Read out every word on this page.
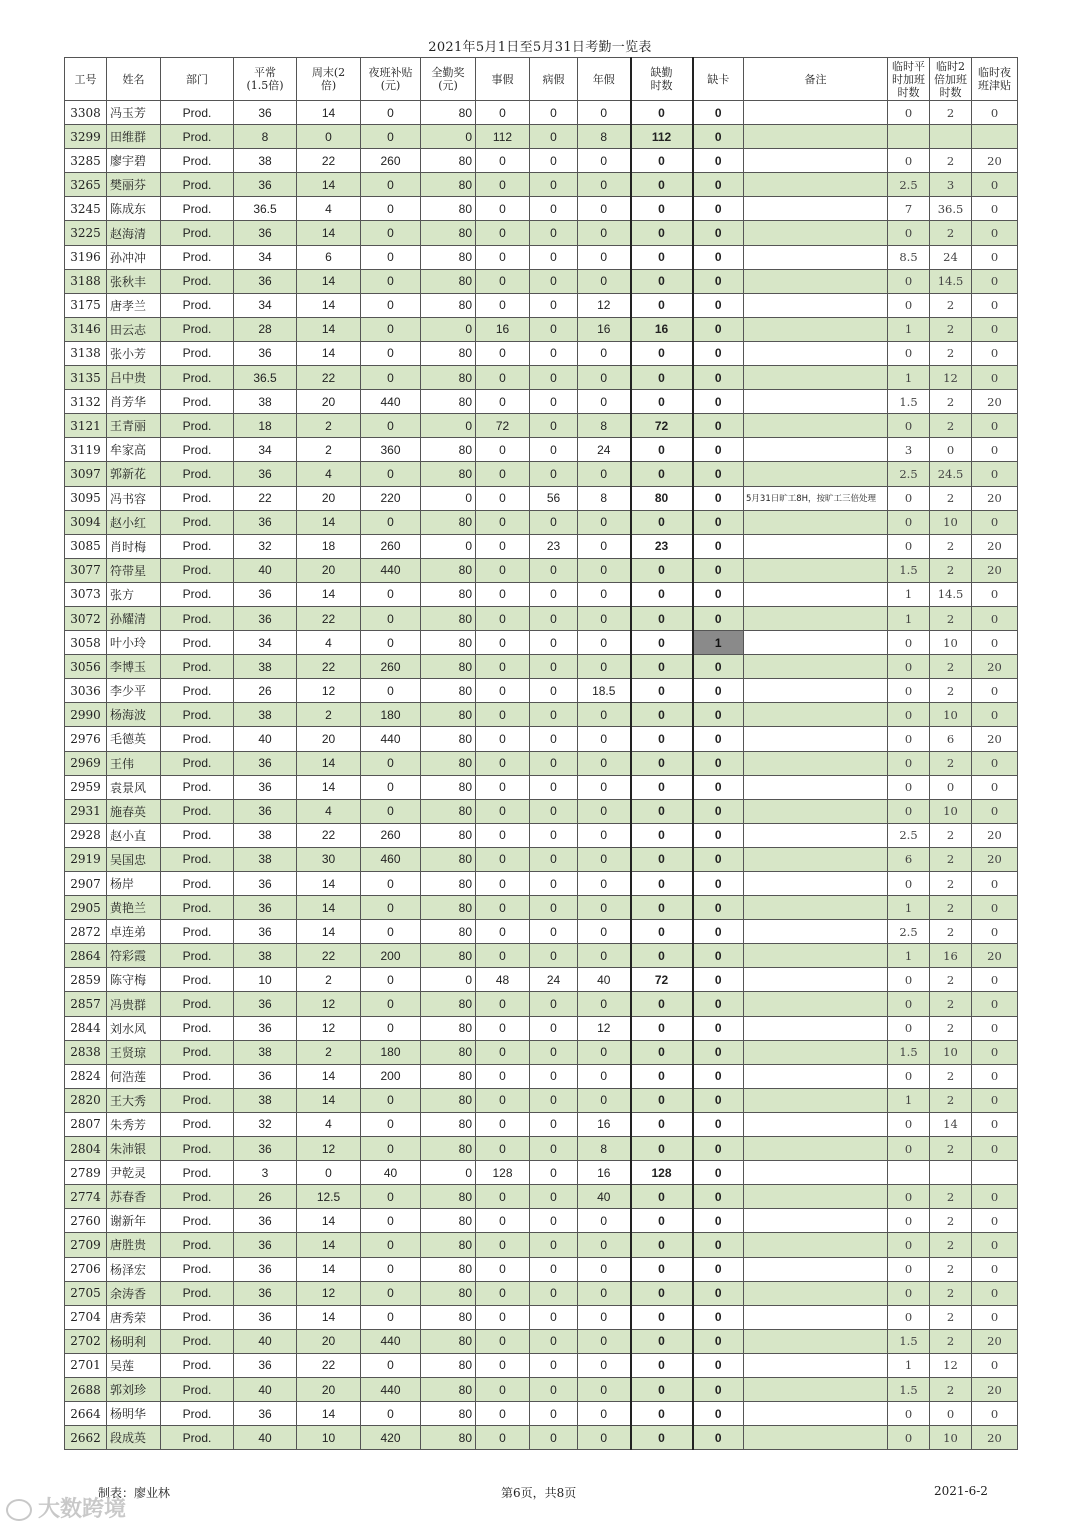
2021年5月1日至5月31日考勤一览表
工号	姓名	部门	平常
(1.5倍)	周末(2
倍)	夜班补贴
(元)	全勤奖
(元)	事假	病假	年假	缺勤
时数	缺卡	备注	临时平
时加班
时数	临时2
倍加班
时数	临时夜
班津贴
3308	冯玉芳	Prod.	36	14	0	80	0	0	0	0	0		0	2	0
3299	田维群	Prod.	8	0	0	0	112	0	8	112	0				
3285	廖宇碧	Prod.	38	22	260	80	0	0	0	0	0		0	2	20
3265	樊丽芬	Prod.	36	14	0	80	0	0	0	0	0		2.5	3	0
3245	陈成东	Prod.	36.5	4	0	80	0	0	0	0	0		7	36.5	0
3225	赵海清	Prod.	36	14	0	80	0	0	0	0	0		0	2	0
3196	孙冲冲	Prod.	34	6	0	80	0	0	0	0	0		8.5	24	0
3188	张秋丰	Prod.	36	14	0	80	0	0	0	0	0		0	14.5	0
3175	唐孝兰	Prod.	34	14	0	80	0	0	12	0	0		0	2	0
3146	田云志	Prod.	28	14	0	0	16	0	16	16	0		1	2	0
3138	张小芳	Prod.	36	14	0	80	0	0	0	0	0		0	2	0
3135	吕中贵	Prod.	36.5	22	0	80	0	0	0	0	0		1	12	0
3132	肖芳华	Prod.	38	20	440	80	0	0	0	0	0		1.5	2	20
3121	王青丽	Prod.	18	2	0	0	72	0	8	72	0		0	2	0
3119	牟家高	Prod.	34	2	360	80	0	0	24	0	0		3	0	0
3097	郭新花	Prod.	36	4	0	80	0	0	0	0	0		2.5	24.5	0
3095	冯书容	Prod.	22	20	220	0	0	56	8	80	0	5月31日旷工8H，按旷工三倍处理	0	2	20
3094	赵小红	Prod.	36	14	0	80	0	0	0	0	0		0	10	0
3085	肖时梅	Prod.	32	18	260	0	0	23	0	23	0		0	2	20
3077	符带星	Prod.	40	20	440	80	0	0	0	0	0		1.5	2	20
3073	张方	Prod.	36	14	0	80	0	0	0	0	0		1	14.5	0
3072	孙耀清	Prod.	36	22	0	80	0	0	0	0	0		1	2	0
3058	叶小玲	Prod.	34	4	0	80	0	0	0	0	1		0	10	0
3056	李博玉	Prod.	38	22	260	80	0	0	0	0	0		0	2	20
3036	李少平	Prod.	26	12	0	80	0	0	18.5	0	0		0	2	0
2990	杨海波	Prod.	38	2	180	80	0	0	0	0	0		0	10	0
2976	毛德英	Prod.	40	20	440	80	0	0	0	0	0		0	6	20
2969	王伟	Prod.	36	14	0	80	0	0	0	0	0		0	2	0
2959	袁景风	Prod.	36	14	0	80	0	0	0	0	0		0	0	0
2931	施春英	Prod.	36	4	0	80	0	0	0	0	0		0	10	0
2928	赵小直	Prod.	38	22	260	80	0	0	0	0	0		2.5	2	20
2919	吴国忠	Prod.	38	30	460	80	0	0	0	0	0		6	2	20
2907	杨岸	Prod.	36	14	0	80	0	0	0	0	0		0	2	0
2905	黄艳兰	Prod.	36	14	0	80	0	0	0	0	0		1	2	0
2872	卓连弟	Prod.	36	14	0	80	0	0	0	0	0		2.5	2	0
2864	符彩霞	Prod.	38	22	200	80	0	0	0	0	0		1	16	20
2859	陈守梅	Prod.	10	2	0	0	48	24	40	72	0		0	2	0
2857	冯贵群	Prod.	36	12	0	80	0	0	0	0	0		0	2	0
2844	刘水风	Prod.	36	12	0	80	0	0	12	0	0		0	2	0
2838	王贤琼	Prod.	38	2	180	80	0	0	0	0	0		1.5	10	0
2824	何浩莲	Prod.	36	14	200	80	0	0	0	0	0		0	2	0
2820	王大秀	Prod.	38	14	0	80	0	0	0	0	0		1	2	0
2807	朱秀芳	Prod.	32	4	0	80	0	0	16	0	0		0	14	0
2804	朱沛银	Prod.	36	12	0	80	0	0	8	0	0		0	2	0
2789	尹乾灵	Prod.	3	0	40	0	128	0	16	128	0				
2774	苏春香	Prod.	26	12.5	0	80	0	0	40	0	0		0	2	0
2760	谢新年	Prod.	36	14	0	80	0	0	0	0	0		0	2	0
2709	唐胜贵	Prod.	36	14	0	80	0	0	0	0	0		0	2	0
2706	杨泽宏	Prod.	36	14	0	80	0	0	0	0	0		0	2	0
2705	余涛香	Prod.	36	12	0	80	0	0	0	0	0		0	2	0
2704	唐秀荣	Prod.	36	14	0	80	0	0	0	0	0		0	2	0
2702	杨明利	Prod.	40	20	440	80	0	0	0	0	0		1.5	2	20
2701	吴莲	Prod.	36	22	0	80	0	0	0	0	0		1	12	0
2688	郭刘珍	Prod.	40	20	440	80	0	0	0	0	0		1.5	2	20
2664	杨明华	Prod.	36	14	0	80	0	0	0	0	0		0	0	0
2662	段成英	Prod.	40	10	420	80	0	0	0	0	0		0	10	20
制表：廖业林	第6页，共8页	2021-6-2
大数跨境
